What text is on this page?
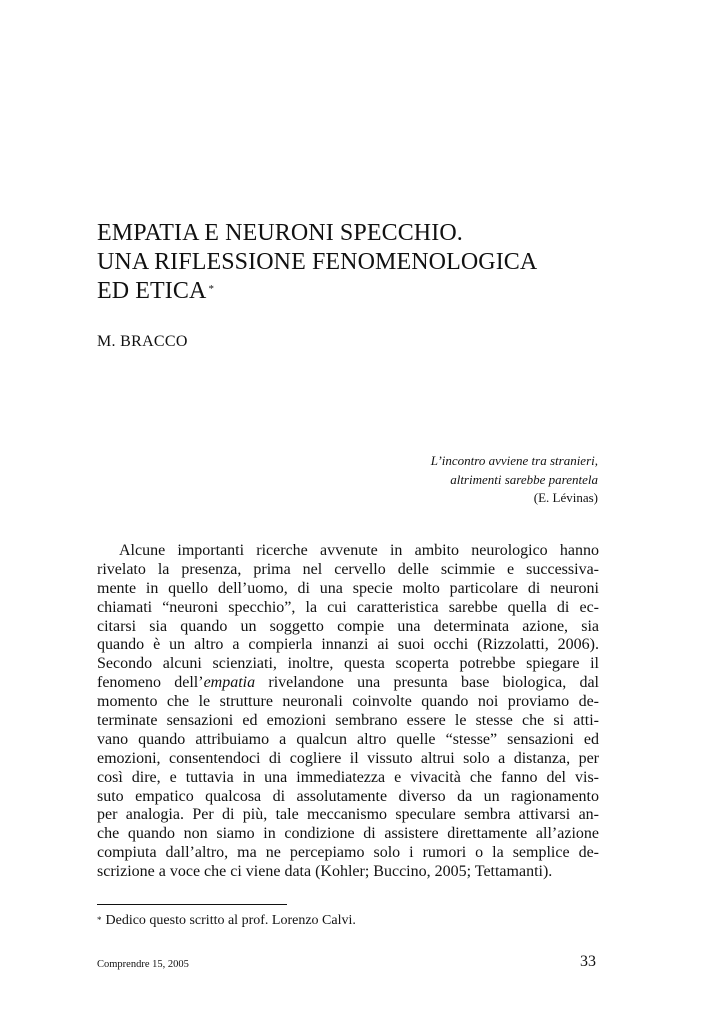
EMPATIA E NEURONI SPECCHIO.
UNA RIFLESSIONE FENOMENOLOGICA
ED ETICA *
M. BRACCO
L’incontro avviene tra stranieri,
altrimenti sarebbe parentela
(E. Lévinas)
Alcune importanti ricerche avvenute in ambito neurologico hanno
rivelato la presenza, prima nel cervello delle scimmie e successiva-
mente in quello dell’uomo, di una specie molto particolare di neuroni
chiamati “neuroni specchio”, la cui caratteristica sarebbe quella di ec-
citarsi sia quando un soggetto compie una determinata azione, sia
quando è un altro a compierla innanzi ai suoi occhi (Rizzolatti, 2006).
Secondo alcuni scienziati, inoltre, questa scoperta potrebbe spiegare il
fenomeno dell’empatia rivelandone una presunta base biologica, dal
momento che le strutture neuronali coinvolte quando noi proviamo de-
terminate sensazioni ed emozioni sembrano essere le stesse che si atti-
vano quando attribuiamo a qualcun altro quelle “stesse” sensazioni ed
emozioni, consentendoci di cogliere il vissuto altrui solo a distanza, per
così dire, e tuttavia in una immediatezza e vivacità che fanno del vis-
suto empatico qualcosa di assolutamente diverso da un ragionamento
per analogia. Per di più, tale meccanismo speculare sembra attivarsi an-
che quando non siamo in condizione di assistere direttamente all’azione
compiuta dall’altro, ma ne percepiamo solo i rumori o la semplice de-
scrizione a voce che ci viene data (Kohler; Buccino, 2005; Tettamanti).
* Dedico questo scritto al prof. Lorenzo Calvi.
Comprendre 15, 2005	33
